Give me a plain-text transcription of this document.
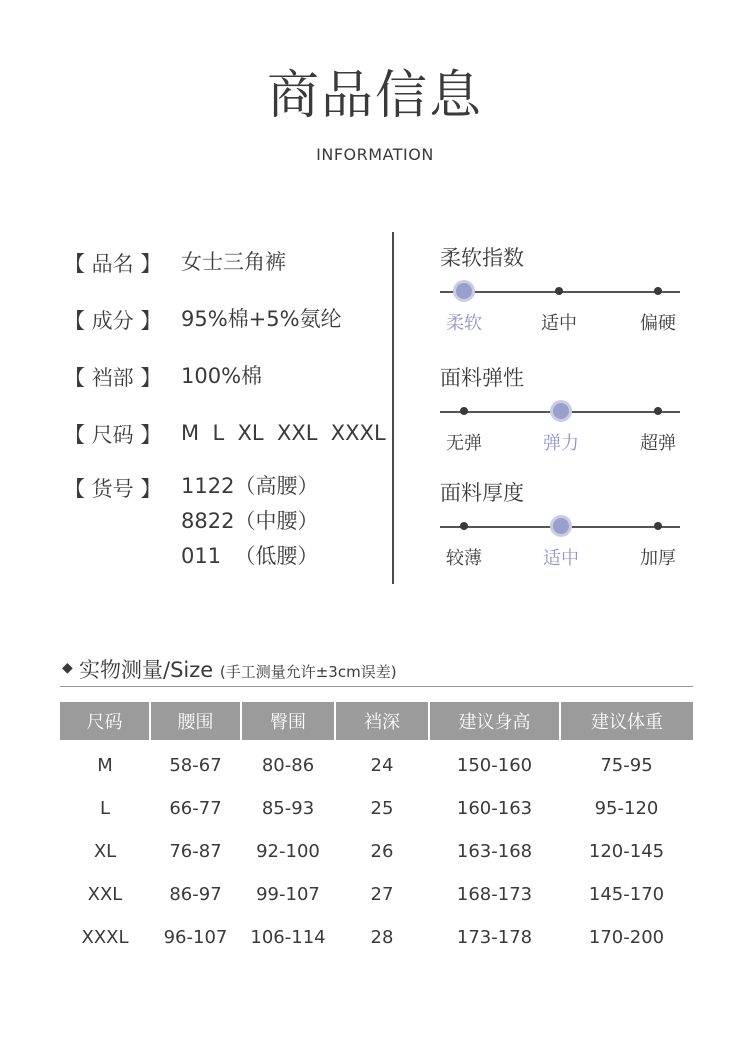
商品信息
INFORMATION
【 品名 】 女士三角裤
【 成分 】 95%棉+5%氨纶
【 裆部 】 100%棉
【 尺码 】 M  L  XL  XXL  XXXL
【 货号 】 1122（高腰）
8822（中腰）
011  （低腰）
柔软指数
柔软	适中	偏硬
面料弹性
无弹	弹力	超弹
面料厚度
较薄	适中	加厚
◆ 实物测量/Size (手工测量允许±3cm误差)
尺码	腰围	臀围	裆深	建议身高	建议体重
M	58-67	80-86	24	150-160	75-95
L	66-77	85-93	25	160-163	95-120
XL	76-87	92-100	26	163-168	120-145
XXL	86-97	99-107	27	168-173	145-170
XXXL	96-107	106-114	28	173-178	170-200
